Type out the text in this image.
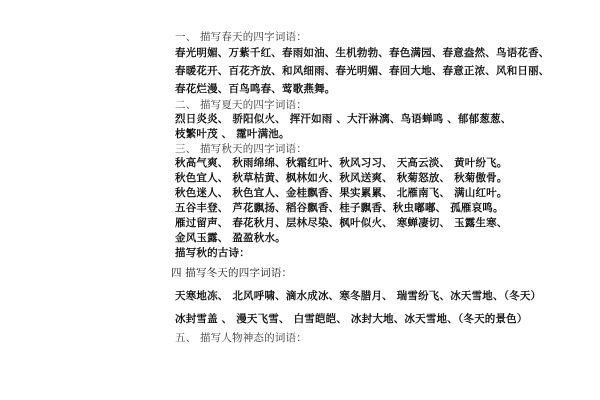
一、 描写春天的四字词语：
春光明媚、万紫千红、春雨如油、生机勃勃、春色满园、春意盎然、鸟语花香、
春暖花开、百花齐放、和风细雨、春光明媚、春回大地、春意正浓、风和日丽、
春花烂漫、百鸟鸣春、莺歌燕舞。
二、 描写夏天的四字词语：
烈日炎炎、 骄阳似火、 挥汗如雨 、大汗淋漓、鸟语蝉鸣 、郁郁葱葱、
枝繁叶茂 、 霪叶满池。
三、 描写秋天的四字词语：
秋高气爽、 秋雨绵绵、秋霜红叶、秋风习习、 天高云淡、 黄叶纷飞。
秋色宜人、 秋草枯黄、枫林如火、秋风送爽、 秋菊怒放、 秋菊傲骨。
秋色迷人、 秋色宜人、金桂飘香、果实累累、 北雁南飞、 满山红叶。
五谷丰登、 芦花飘扬、稻谷飘香、桂子飘香、秋虫嘟嘟、 孤雁哀鸣。
雁过留声、 春花秋月、层林尽染、枫叶似火、 寒蝉凄切、 玉露生寒、
金风玉露、 盈盈秋水。
描写秋的古诗：
四 描写冬天的四字词语：
天寒地冻、 北风呼啸、滴水成冰、寒冬腊月、 瑞雪纷飞、冰天雪地、（冬天）
冰封雪盖 、 漫天飞雪、 白雪皑皑、 冰封大地、冰天雪地、（冬天的景色）
五、 描写人物神态的词语：
